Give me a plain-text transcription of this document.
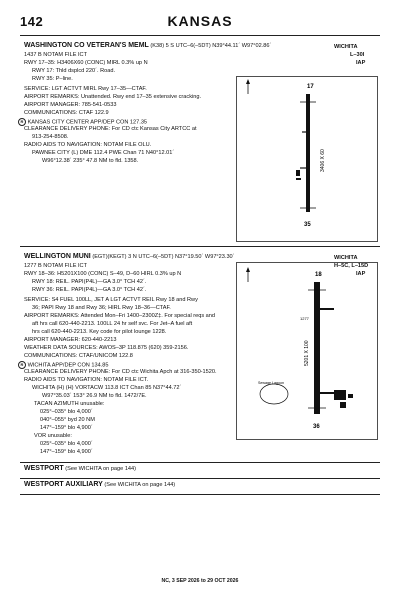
142	KANSAS
WASHINGTON CO VETERAN'S MEML (K38) 5 S UTC–6(–5DT) N39°44.11´ W97°02.86´	WICHITA
1437 B NOTAM FILE ICT	L–30I
IAP
RWY 17–35: H3406X60 (CONC) MIRL 0.3% up N
RWY 17: Thld dsplcd 220´. Road.
RWY 35: P–line.
SERVICE: LGT ACTVT MIRL Rwy 17–35—CTAF.
AIRPORT REMARKS: Unattended. Rwy end 17–35 extensive cracking.
AIRPORT MANAGER: 785-541-0533
COMMUNICATIONS: CTAF 122.9
R KANSAS CITY CENTER APP/DEP CON 127.35
CLEARANCE DELIVERY PHONE: For CD ctc Kansas City ARTCC at
913-254-8508.
RADIO AIDS TO NAVIGATION: NOTAM FILE OLU.
PAWNEE CITY (L) DME 112.4 PWE Chan 71 N40°12.01´
W96°12.38´ 235° 47.8 NM to fld. 1358.
P
17
35
3406 X 60
WELLINGTON MUNI (EGT)(KEGT) 3 N UTC–6(–5DT) N37°19.50´ W97°23.30´	WICHITA
1277 B NOTAM FILE ICT	H–5C, L–15D
IAP
RWY 18–36: H5201X100 (CONC) S–49, D–60 HIRL 0.3% up N
RWY 18: REIL. PAPI(P4L)—GA 3.0° TCH 42´.
RWY 36: REIL. PAPI(P4L)—GA 3.0° TCH 42´.
SERVICE: S4 FUEL 100LL, JET A LGT ACTVT REIL Rwy 18 and Rwy
36; PAPI Rwy 18 and Rwy 36; HIRL Rwy 18–36—CTAF.
AIRPORT REMARKS: Attended Mon–Fri 1400–2300Z‡. For special reqs and
aft hrs call 620-440-2213. 100LL 24 hr self svc. For Jet–A fuel aft
hrs call 620-440-2213. Key code for pilot lounge 1228.
AIRPORT MANAGER: 620-440-2213
WEATHER DATA SOURCES: AWOS–3P 118.875 (620) 359-2156.
COMMUNICATIONS: CTAF/UNICOM 122.8
R WICHITA APP/DEP CON 134.85
CLEARANCE DELIVERY PHONE: For CD ctc Wichita Apch at 316-350-1520.
RADIO AIDS TO NAVIGATION: NOTAM FILE ICT.
WICHITA (H) (H) VORTACW 113.8 ICT Chan 85 N37°44.72´
W97°35.03´ 153° 26.9 NM to fld. 1472/7E.
TACAN AZIMUTH unusable:
025°–035° blo 4,000´
040°–055° byd 20 NM
147°–159° blo 4,900´
VOR unusable:
025°–035° blo 4,000´
147°–159° blo 4,900´
Sewage Lagoon
18
36
5201 X 100
1277
WESTPORT (See WICHITA on page 144)
WESTPORT AUXILIARY (See WICHITA on page 144)
NC, 3 SEP 2026 to 29 OCT 2026
